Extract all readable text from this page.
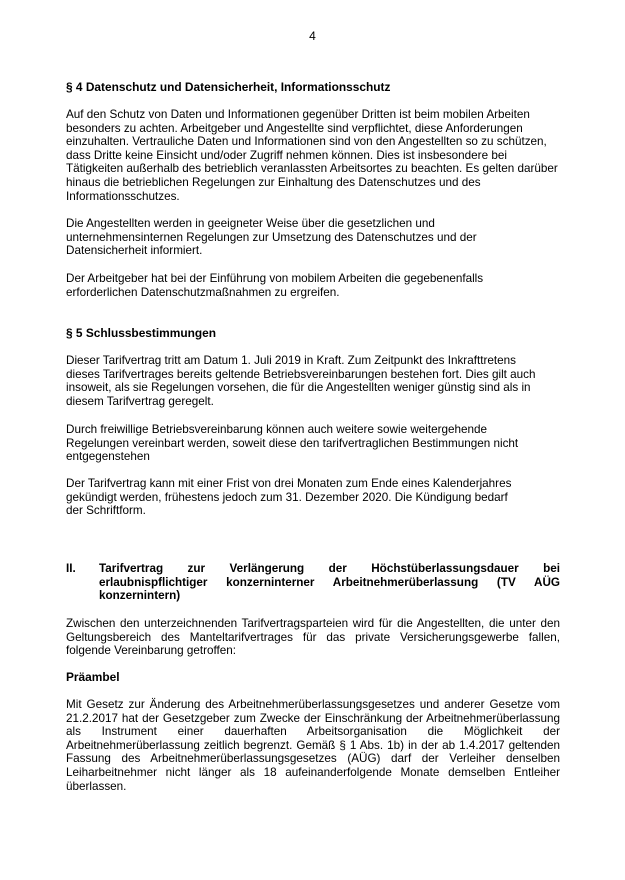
4
§ 4 Datenschutz und Datensicherheit, Informationsschutz

Auf den Schutz von Daten und Informationen gegenüber Dritten ist beim mobilen Arbeiten besonders zu achten. Arbeitgeber und Angestellte sind verpflichtet, diese Anforderungen einzuhalten. Vertrauliche Daten und Informationen sind von den Angestellten so zu schützen, dass Dritte keine Einsicht und/oder Zugriff nehmen können. Dies ist insbesondere bei Tätigkeiten außerhalb des betrieblich veranlassten Arbeitsortes zu beachten. Es gelten darüber hinaus die betrieblichen Regelungen zur Einhaltung des Datenschutzes und des Informationsschutzes.

Die Angestellten werden in geeigneter Weise über die gesetzlichen und unternehmensinternen Regelungen zur Umsetzung des Datenschutzes und der Datensicherheit informiert.

Der Arbeitgeber hat bei der Einführung von mobilem Arbeiten die gegebenenfalls erforderlichen Datenschutzmaßnahmen zu ergreifen.

§ 5 Schlussbestimmungen

Dieser Tarifvertrag tritt am Datum 1. Juli 2019 in Kraft. Zum Zeitpunkt des Inkrafttretens dieses Tarifvertrages bereits geltende Betriebsvereinbarungen bestehen fort. Dies gilt auch insoweit, als sie Regelungen vorsehen, die für die Angestellten weniger günstig sind als in diesem Tarifvertrag geregelt.

Durch freiwillige Betriebsvereinbarung können auch weitere sowie weitergehende Regelungen vereinbart werden, soweit diese den tarifvertraglichen Bestimmungen nicht entgegenstehen

Der Tarifvertrag kann mit einer Frist von drei Monaten zum Ende eines Kalenderjahres gekündigt werden, frühestens jedoch zum 31. Dezember 2020. Die Kündigung bedarf der Schriftform.

II. Tarifvertrag zur Verlängerung der Höchstüberlassungsdauer bei erlaubnispflichtiger konzerninterner Arbeitnehmerüberlassung (TV AÜG konzernintern)

Zwischen den unterzeichnenden Tarifvertragsparteien wird für die Angestellten, die unter den Geltungsbereich des Manteltarifvertrages für das private Versicherungsgewerbe fallen, folgende Vereinbarung getroffen:

Präambel

Mit Gesetz zur Änderung des Arbeitnehmerüberlassungsgesetzes und anderer Gesetze vom 21.2.2017 hat der Gesetzgeber zum Zwecke der Einschränkung der Arbeitnehmerüberlassung als Instrument einer dauerhaften Arbeitsorganisation die Möglichkeit der Arbeitnehmerüberlassung zeitlich begrenzt. Gemäß § 1 Abs. 1b) in der ab 1.4.2017 geltenden Fassung des Arbeitnehmerüberlassungsgesetzes (AÜG) darf der Verleiher denselben Leiharbeitnehmer nicht länger als 18 aufeinanderfolgende Monate demselben Entleiher überlassen.
